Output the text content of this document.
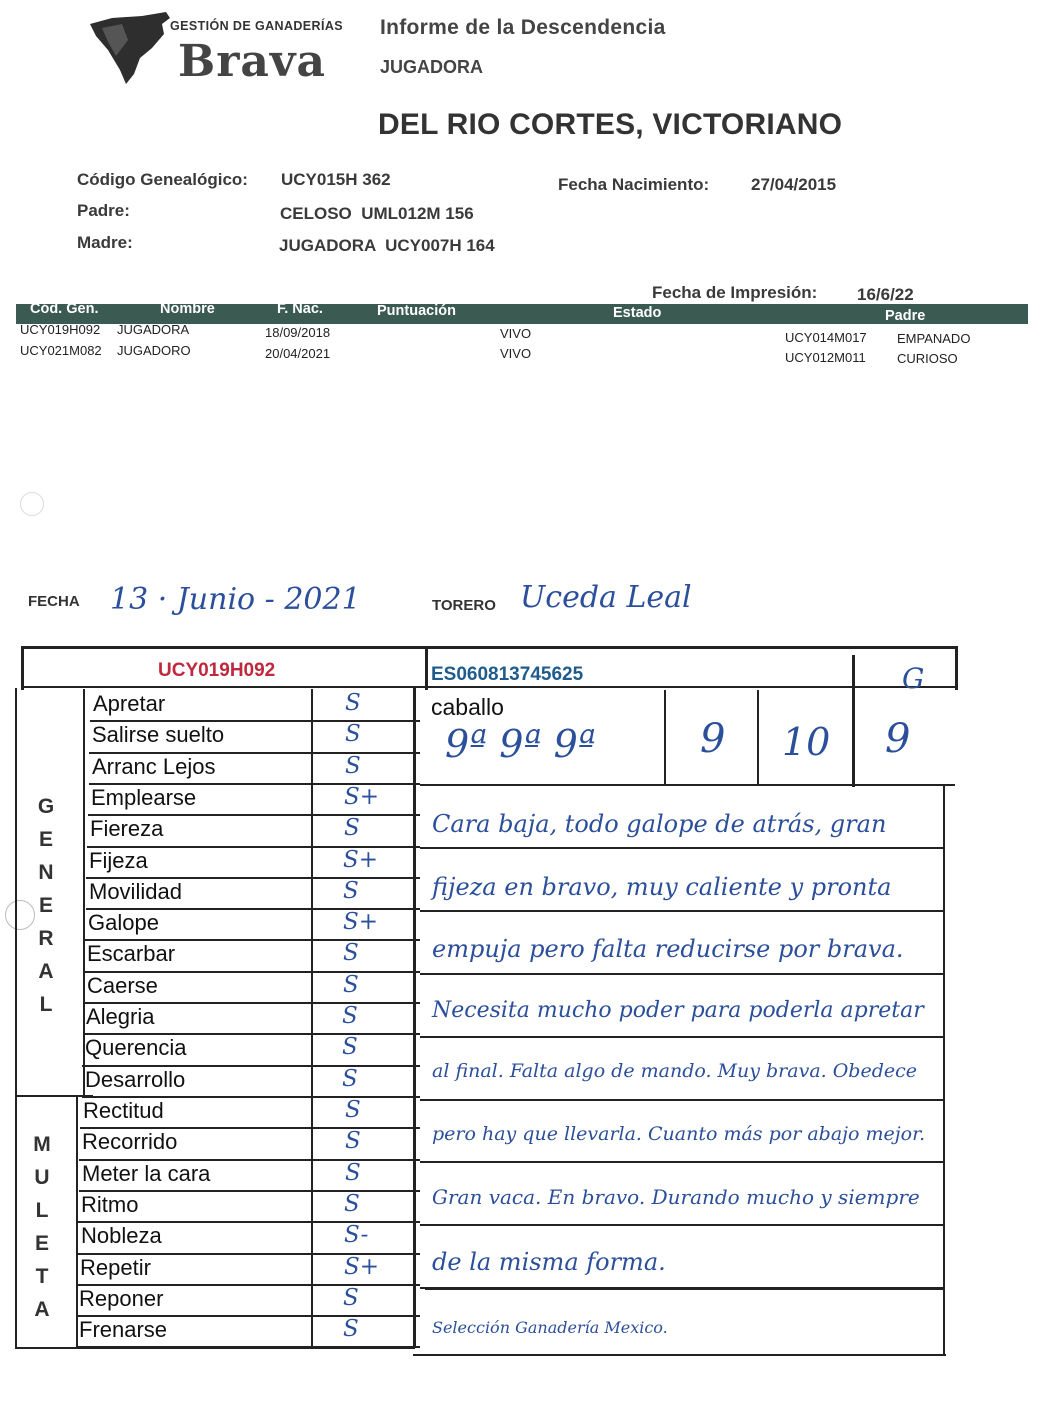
GESTIÓN DE GANADERÍAS
Brava
Informe de la Descendencia
JUGADORA
DEL RIO CORTES, VICTORIANO
Código Genealógico: UCY015H 362	Fecha Nacimiento: 27/04/2015
Padre:	CELOSO  UML012M 156
Madre:	JUGADORA  UCY007H 164
Fecha de Impresión: 16/6/22
Cód. Gen.	Nombre	F. Nac.	Puntuación	Estado	Padre
UCY019H092 JUGADORA	18/09/2018	VIVO	UCY014M017 EMPANADO
UCY021M082 JUGADORO	20/04/2021	VIVO	UCY012M011 CURIOSO
FECHA 13 · Junio - 2021	TORERO Uceda Leal
UCY019H092	ES060813745625	G
caballo
9ª 9ª 9ª	9 10 9
G
E
N
E
R
A
L
M
U
L
E
T
A
Apretar	S
Salirse suelto	S
Arranc Lejos	S
Emplearse	S+
Fiereza	S
Fijeza	S+
Movilidad	S
Galope	S+
Escarbar	S
Caerse	S
Alegria	S
Querencia	S
Desarrollo	S
Rectitud	S
Recorrido	S
Meter la cara	S
Ritmo	S
Nobleza	S-
Repetir	S+
Reponer	S
Frenarse	S
Cara baja, todo galope de atrás, gran
fijeza en bravo, muy caliente y pronta
empuja pero falta reducirse por brava.
Necesita mucho poder para poderla apretar
al final. Falta algo de mando. Muy brava. Obedece
pero hay que llevarla. Cuanto más por abajo mejor.
Gran vaca. En bravo. Durando mucho y siempre
de la misma forma.
Selección Ganadería Mexico.
